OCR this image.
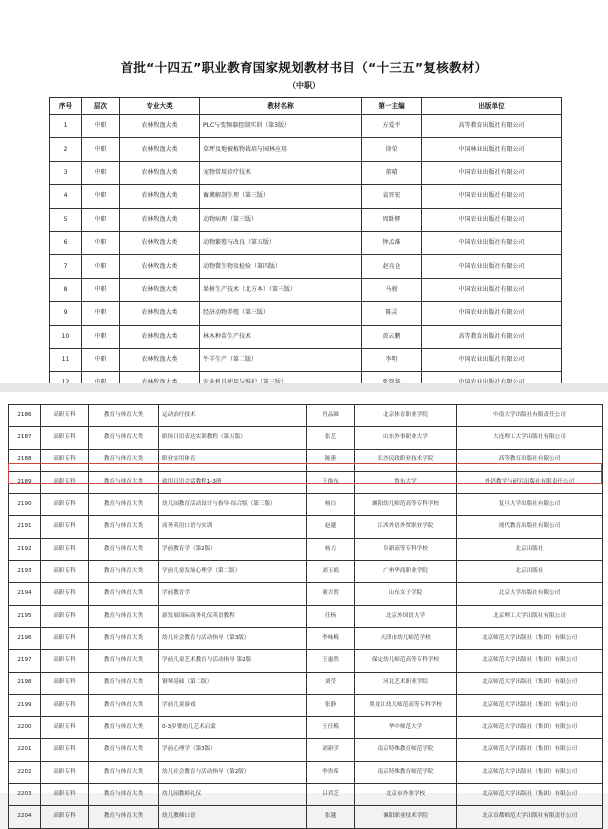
首批“十四五”职业教育国家规划教材书目（“十三五”复核教材）
（中职）
序号	层次	专业大类	教材名称	第一主编	出版单位
1	中职	农林牧渔大类	PLC与变频器控制实训（第3版）	方爱平	高等教育出版社有限公司
2	中职	农林牧渔大类	草坪及地被植物栽培与园林应用	徐荣	中国林业出版社有限公司
3	中职	农林牧渔大类	宠物常用诊疗技术	董晴	中国农业出版社有限公司
4	中职	农林牧渔大类	畜禽解剖生理（第三版）	袁晋宏	中国农业出版社有限公司
5	中职	农林牧渔大类	动物病理（第三版）	周卧辉	中国农业出版社有限公司
6	中职	农林牧渔大类	动物繁殖与改良（第五版）	钟孟淮	中国农业出版社有限公司
7	中职	农林牧渔大类	动物微生物及检验（第四版）	赵良仓	中国农业出版社有限公司
8	中职	农林牧渔大类	果树生产技术（北方本）（第三版）	马骏	中国农业出版社有限公司
9	中职	农林牧渔大类	经济动物养殖（第三版）	陈灵	中国农业出版社有限公司
10	中职	农林牧渔大类	林木种苗生产技术	黄云鹏	高等教育出版社有限公司
11	中职	农林牧渔大类	牛羊生产（第二版）	李明	中国农业出版社有限公司

2186	高职专科	教育与体育大类	运动治疗技术	肖品圆	北京体育职业学院	中南大学出版社有限责任公司
2187	高职专科	教育与体育大类	职场日语表达实训教程（第五版）	张艺	山东外事职业大学	大连理工大学出版社有限公司
2188	高职专科	教育与体育大类	职业实用体育	陈蕙	长沙民政职业技术学院	高等教育出版社有限公司
2189	高职专科	教育与体育大类	致用日语会话教程1-3册	王焕东	鲁东大学	外语教学与研究出版社有限责任公司
2190	高职专科	教育与体育大类	幼儿园教育活动设计与指导·综合版（第三版）	杨白	襄阳幼儿师范高等专科学校	复旦大学出版社有限公司
2191	高职专科	教育与体育大类	商务英语口语与实训	赵越	江西外语外贸职业学院	现代教育出版社有限公司
2192	高职专科	教育与体育大类	学前教育学（第2版）	杨力	阜新高等专科学校	北京出版社
2193	高职专科	教育与体育大类	学前儿童发展心理学（第二版）	刘玉娟	广州华商职业学院	北京出版社
2194	高职专科	教育与体育大类	学前教育学	董吉贺	山东女子学院	北京大学出版社有限公司
2195	高职专科	教育与体育大类	新发展国际商务礼仪英语教程	任杨	北京外国语大学	北京理工大学出版社有限公司
2196	高职专科	教育与体育大类	幼儿社会教育与活动指导（第3版）	李咏梅	天津市幼儿师范学校	北京师范大学出版社（集团）有限公司
2197	高职专科	教育与体育大类	学前儿童艺术教育与活动指导 第2版	王惠然	保定幼儿师范高等专科学校	北京师范大学出版社（集团）有限公司
2198	高职专科	教育与体育大类	钢琴基础（第二版）	刘莹	河北艺术职业学院	北京师范大学出版社（集团）有限公司
2199	高职专科	教育与体育大类	学前儿童游戏	张静	黑龙江幼儿师范高等专科学校	北京师范大学出版社（集团）有限公司
2200	高职专科	教育与体育大类	0-3岁婴幼儿艺术启蒙	王任梅	华中师范大学	北京师范大学出版社（集团）有限公司
2201	高职专科	教育与体育大类	学前心理学（第3版）	刘新学	南京特殊教育师范学院	北京师范大学出版社（集团）有限公司
2202	高职专科	教育与体育大类	幼儿社会教育与活动指导（第2版）	李贵希	南京特殊教育师范学院	北京师范大学出版社（集团）有限公司
2203	高职专科	教育与体育大类	幼儿园教师礼仪	吕君芝	北京市外事学校	北京师范大学出版社（集团）有限公司
2204	高职专科	教育与体育大类	幼儿教师口语	张越	襄阳职业技术学院	北京首都师范大学出版社有限责任公司
